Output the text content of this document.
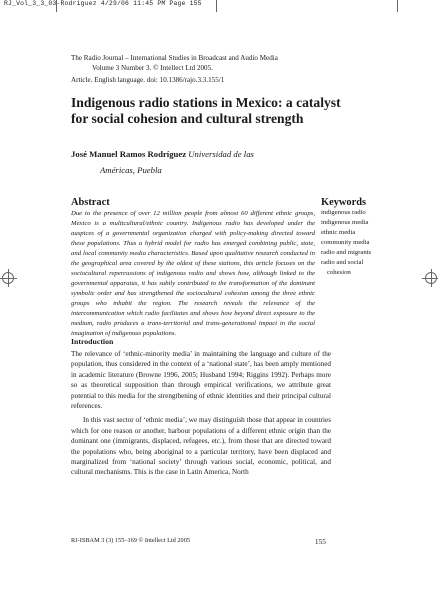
RJ_Vol_3_3_03-Rodriguez 4/29/06 11:45 PM Page 155
The Radio Journal – International Studies in Broadcast and Audio Media
Volume 3 Number 3. © Intellect Ltd 2005.
Article. English language. doi: 10.1386/rajo.3.3.155/1
Indigenous radio stations in Mexico: a catalyst for social cohesion and cultural strength
José Manuel Ramos Rodríguez Universidad de las
Américas, Puebla
Abstract

Due to the presence of over 12 million people from almost 60 different ethnic groups, Mexico is a multicultural/ethnic country. Indigenous radio has developed under the auspices of a governmental organization charged with policy-making directed toward these populations. Thus a hybrid model for radio has emerged combining public, state, and local community media characteristics. Based upon qualitative research conducted in the geographical area covered by the oldest of these stations, this article focuses on the sociocultural repercussions of indigenous radio and shows how, although linked to the governmental apparatus, it has subtly contributed to the transformation of the dominant symbolic order and has strengthened the sociocultural cohesion among the three ethnic groups who inhabit the region. The research reveals the relevance of the intercommunication which radio facilitates and shows how beyond direct exposure to the medium, radio produces a trans-territorial and trans-generational impact in the social imagination of indigenous populations.

Keywords
indigenous radio
indigenous media
ethnic media
community media
radio and migrants
radio and social
cohesion
Introduction

The relevance of ‘ethnic-minority media’ in maintaining the language and culture of the population, thus considered in the context of a ‘national state’, has been amply mentioned in academic literature (Browne 1996, 2005; Husband 1994; Riggins 1992). Perhaps more so as theoretical supposition than through empirical verifications, we attribute great potential to this media for the strengthening of ethnic identities and their principal cultural references.

In this vast sector of ‘ethnic media’, we may distinguish those that appear in countries which for one reason or another, harbour populations of a different ethnic origin than the dominant one (immigrants, displaced, refugees, etc.), from those that are directed toward the populations who, being aboriginal to a particular territory, have been displaced and marginalized from ‘national society’ through various social, economic, political, and cultural mechanisms. This is the case in Latin America, North

RJ-ISBAM 3 (3) 155–169 © Intellect Ltd 2005	155
